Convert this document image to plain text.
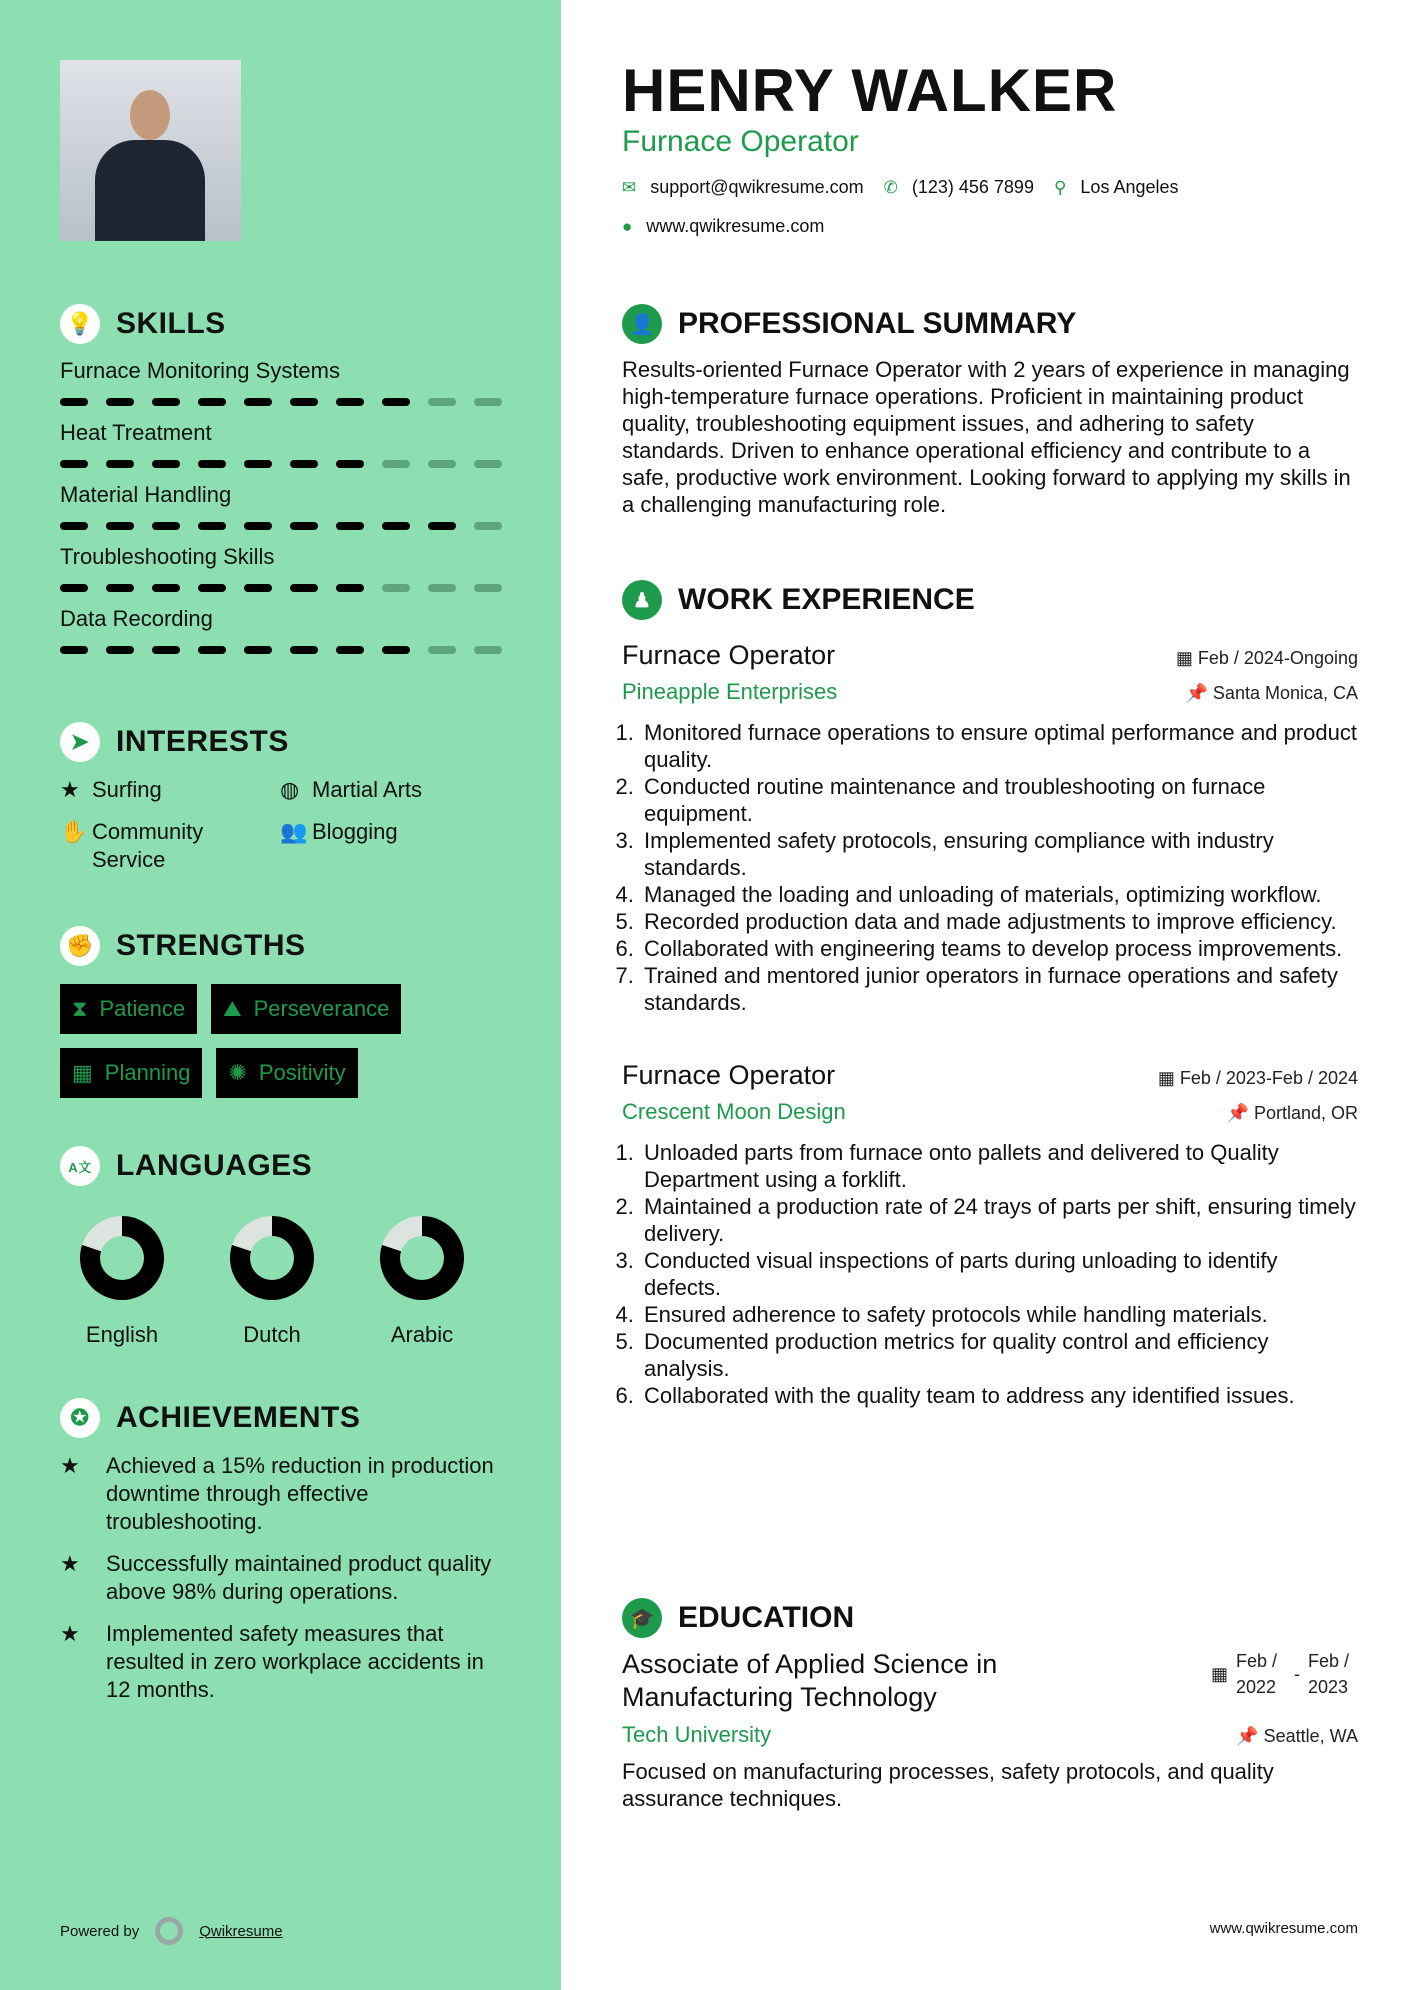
💡 SKILLS
Furnace Monitoring Systems
Heat Treatment
Material Handling
Troubleshooting Skills
Data Recording
➤ INTERESTS
★ Surfing	◍ Martial Arts
✋ Community Service
👥 Blogging
✊ STRENGTHS
⧗ Patience ⛰ Perseverance
▦ Planning ✺ Positivity
A文 LANGUAGES
English	Dutch	Arabic
✪ ACHIEVEMENTS
★	Achieved a 15% reduction in production downtime through effective troubleshooting.
★	Successfully maintained product quality above 98% during operations.
★	Implemented safety measures that resulted in zero workplace accidents in 12 months.
Powered by	Qwikresume
HENRY WALKER
Furnace Operator
✉ support@qwikresume.com ✆ (123) 456 7899 ⚲ Los Angeles
● www.qwikresume.com
👤 PROFESSIONAL SUMMARY

Results-oriented Furnace Operator with 2 years of experience in managing high-temperature furnace operations. Proficient in maintaining product quality, troubleshooting equipment issues, and adhering to safety standards. Driven to enhance operational efficiency and contribute to a safe, productive work environment. Looking forward to applying my skills in a challenging manufacturing role.

♟ WORK EXPERIENCE
Furnace Operator	▦ Feb / 2024-Ongoing
Pineapple Enterprises	📌 Santa Monica, CA
1. Monitored furnace operations to ensure optimal performance and product quality.
2. Conducted routine maintenance and troubleshooting on furnace equipment.
3. Implemented safety protocols, ensuring compliance with industry standards.
4. Managed the loading and unloading of materials, optimizing workflow.
5. Recorded production data and made adjustments to improve efficiency.
6. Collaborated with engineering teams to develop process improvements.
7. Trained and mentored junior operators in furnace operations and safety standards.
Furnace Operator	▦ Feb / 2023-Feb / 2024
Crescent Moon Design	📌 Portland, OR
1. Unloaded parts from furnace onto pallets and delivered to Quality Department using a forklift.
2. Maintained a production rate of 24 trays of parts per shift, ensuring timely delivery.
3. Conducted visual inspections of parts during unloading to identify defects.
4. Ensured adherence to safety protocols while handling materials.
5. Documented production metrics for quality control and efficiency analysis.
6. Collaborated with the quality team to address any identified issues.
🎓 EDUCATION
Associate of Applied Science in Manufacturing Technology
▦
Feb / 2022
-
Feb / 2023
Tech University	📌 Seattle, WA

Focused on manufacturing processes, safety protocols, and quality assurance techniques.

www.qwikresume.com
